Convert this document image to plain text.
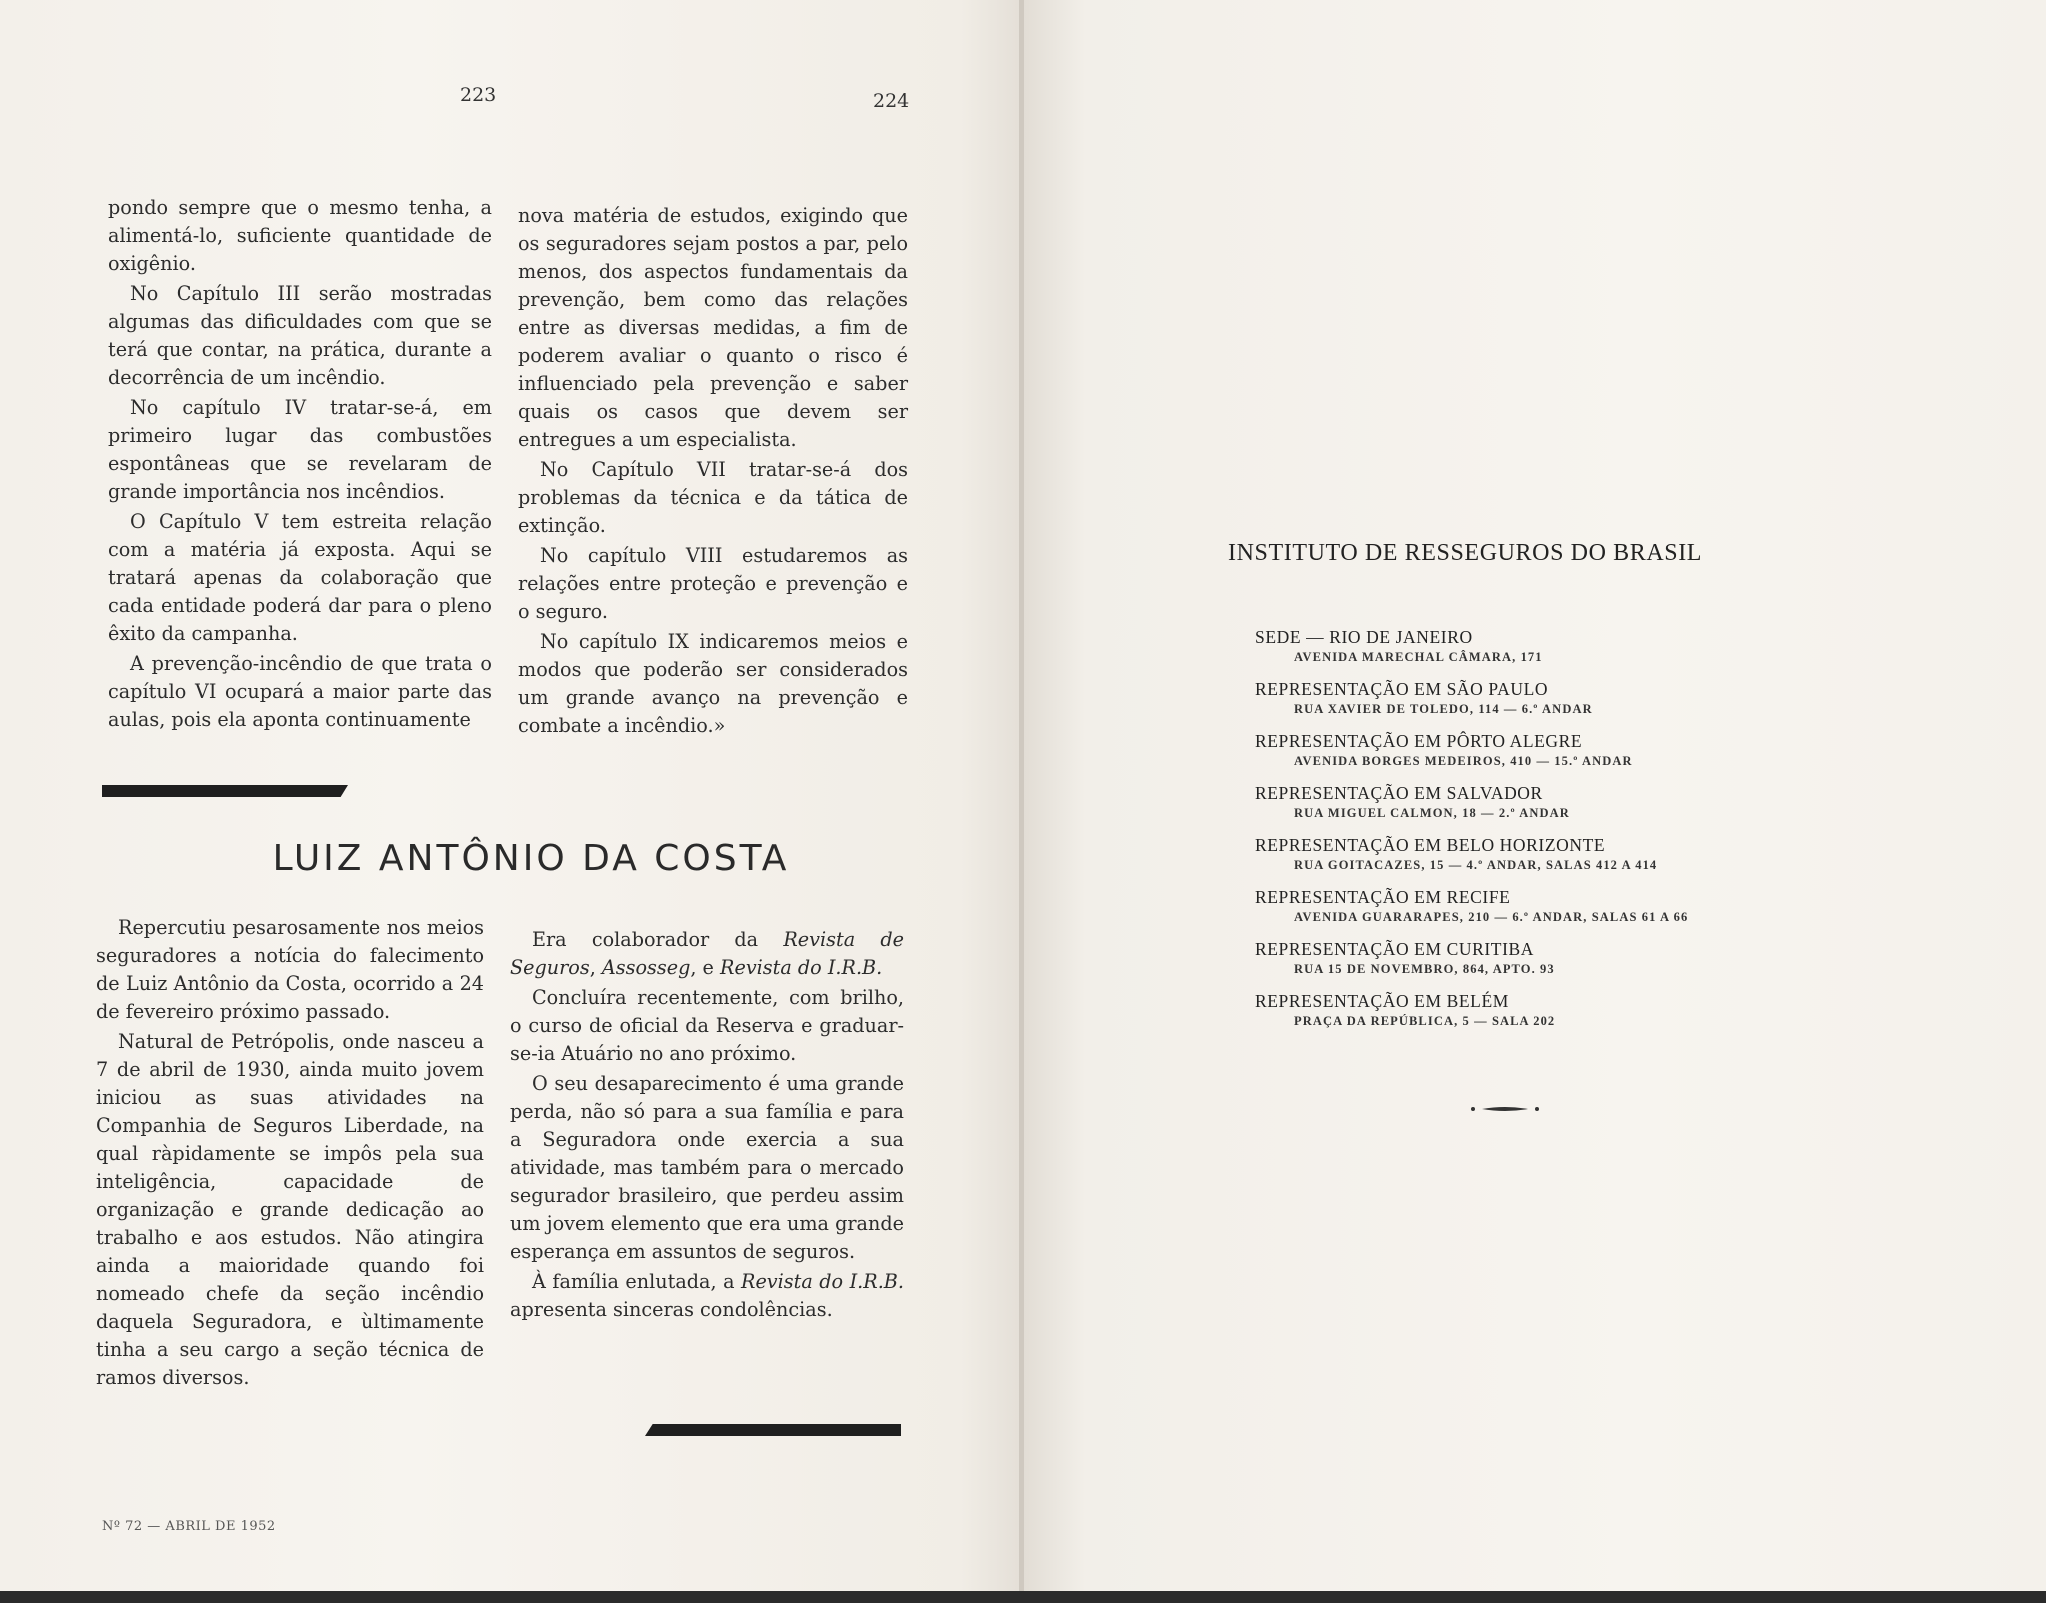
223	224

pondo sempre que o mesmo tenha, a alimentá-lo, suficiente quantidade de oxigênio.

No Capítulo III serão mostradas algumas das dificuldades com que se terá que contar, na prática, durante a decorrência de um incêndio.

No capítulo IV tratar-se-á, em primeiro lugar das combustões espontâneas que se revelaram de grande importância nos incêndios.

O Capítulo V tem estreita relação com a matéria já exposta. Aqui se tratará apenas da colaboração que cada entidade poderá dar para o pleno êxito da campanha.

A prevenção-incêndio de que trata o capítulo VI ocupará a maior parte das aulas, pois ela aponta continuamente

nova matéria de estudos, exigindo que os seguradores sejam postos a par, pelo menos, dos aspectos fundamentais da prevenção, bem como das relações entre as diversas medidas, a fim de poderem avaliar o quanto o risco é influenciado pela prevenção e saber quais os casos que devem ser entregues a um especialista.

No Capítulo VII tratar-se-á dos problemas da técnica e da tática de extinção.

No capítulo VIII estudaremos as relações entre proteção e prevenção e o seguro.

No capítulo IX indicaremos meios e modos que poderão ser considerados um grande avanço na prevenção e combate a incêndio.»

LUIZ ANTÔNIO DA COSTA

Repercutiu pesarosamente nos meios seguradores a notícia do falecimento de Luiz Antônio da Costa, ocorrido a 24 de fevereiro próximo passado.

Natural de Petrópolis, onde nasceu a 7 de abril de 1930, ainda muito jovem iniciou as suas atividades na Companhia de Seguros Liberdade, na qual ràpidamente se impôs pela sua inteligência, capacidade de organização e grande dedicação ao trabalho e aos estudos. Não atingira ainda a maioridade quando foi nomeado chefe da seção incêndio daquela Seguradora, e ùltimamente tinha a seu cargo a seção técnica de ramos diversos.

Era colaborador da Revista de Seguros, Assosseg, e Revista do I.R.B.

Concluíra recentemente, com brilho, o curso de oficial da Reserva e graduar-se-ia Atuário no ano próximo.

O seu desaparecimento é uma grande perda, não só para a sua família e para a Seguradora onde exercia a sua atividade, mas também para o mercado segurador brasileiro, que perdeu assim um jovem elemento que era uma grande esperança em assuntos de seguros.

À família enlutada, a Revista do I.R.B. apresenta sinceras condolências.

Nº 72 — ABRIL DE 1952
INSTITUTO DE RESSEGUROS DO BRASIL
SEDE — RIO DE JANEIRO
AVENIDA MARECHAL CÂMARA, 171
REPRESENTAÇÃO EM SÃO PAULO
RUA XAVIER DE TOLEDO, 114 — 6.º ANDAR
REPRESENTAÇÃO EM PÔRTO ALEGRE
AVENIDA BORGES MEDEIROS, 410 — 15.º ANDAR
REPRESENTAÇÃO EM SALVADOR
RUA MIGUEL CALMON, 18 — 2.º ANDAR
REPRESENTAÇÃO EM BELO HORIZONTE
RUA GOITACAZES, 15 — 4.º ANDAR, SALAS 412 A 414
REPRESENTAÇÃO EM RECIFE
AVENIDA GUARARAPES, 210 — 6.º ANDAR, SALAS 61 A 66
REPRESENTAÇÃO EM CURITIBA
RUA 15 DE NOVEMBRO, 864, APTO. 93
REPRESENTAÇÃO EM BELÉM
PRAÇA DA REPÚBLICA, 5 — SALA 202
